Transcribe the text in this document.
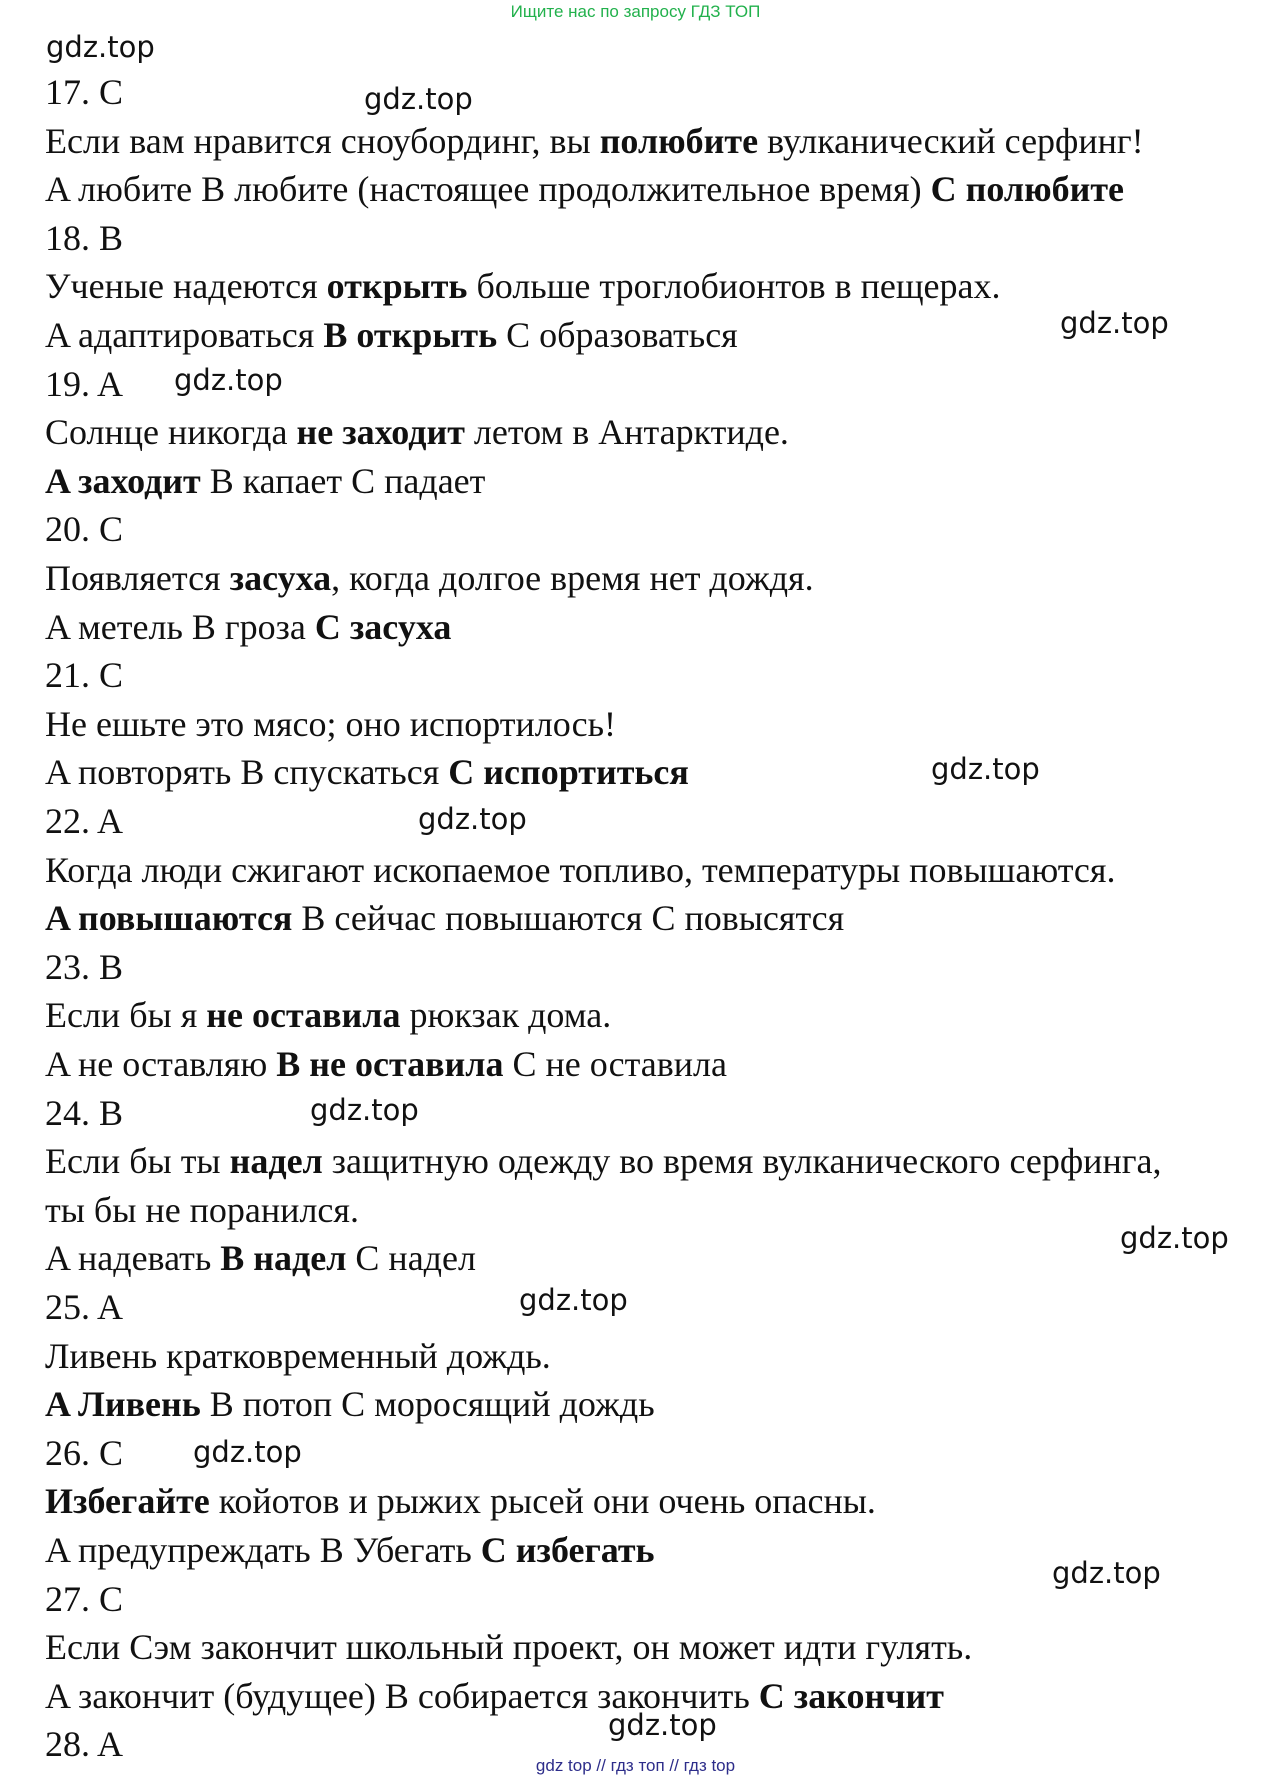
Ищите нас по запросу ГДЗ ТОП
17. C
Если вам нравится сноубординг, вы полюбите вулканический серфинг!
A любите B любите (настоящее продолжительное время) C полюбите
18. B
Ученые надеются открыть больше троглобионтов в пещерах.
A адаптироваться B открыть C образоваться
19. A
Солнце никогда не заходит летом в Антарктиде.
A заходит B капает C падает
20. C
Появляется засуха, когда долгое время нет дождя.
A метель B гроза C засуха
21. C
Не ешьте это мясо; оно испортилось!
A повторять B спускаться C испортиться
22. A
Когда люди сжигают ископаемое топливо, температуры повышаются.
A повышаются B сейчас повышаются C повысятся
23. B
Если бы я не оставила рюкзак дома.
A не оставляю B не оставила C не оставила
24. B
Если бы ты надел защитную одежду во время вулканического серфинга,
ты бы не поранился.
A надевать B надел C надел
25. A
Ливень кратковременный дождь.
A Ливень B потоп C моросящий дождь
26. C
Избегайте койотов и рыжих рысей они очень опасны.
A предупреждать B Убегать C избегать
27. C
Если Сэм закончит школьный проект, он может идти гулять.
A закончит (будущее) B собирается закончить C закончит
28. A
gdz.top
gdz.top
gdz.top
gdz.top
gdz.top
gdz.top
gdz.top
gdz.top
gdz.top
gdz.top
gdz.top
gdz.top
gdz top // гдз топ // гдз top
